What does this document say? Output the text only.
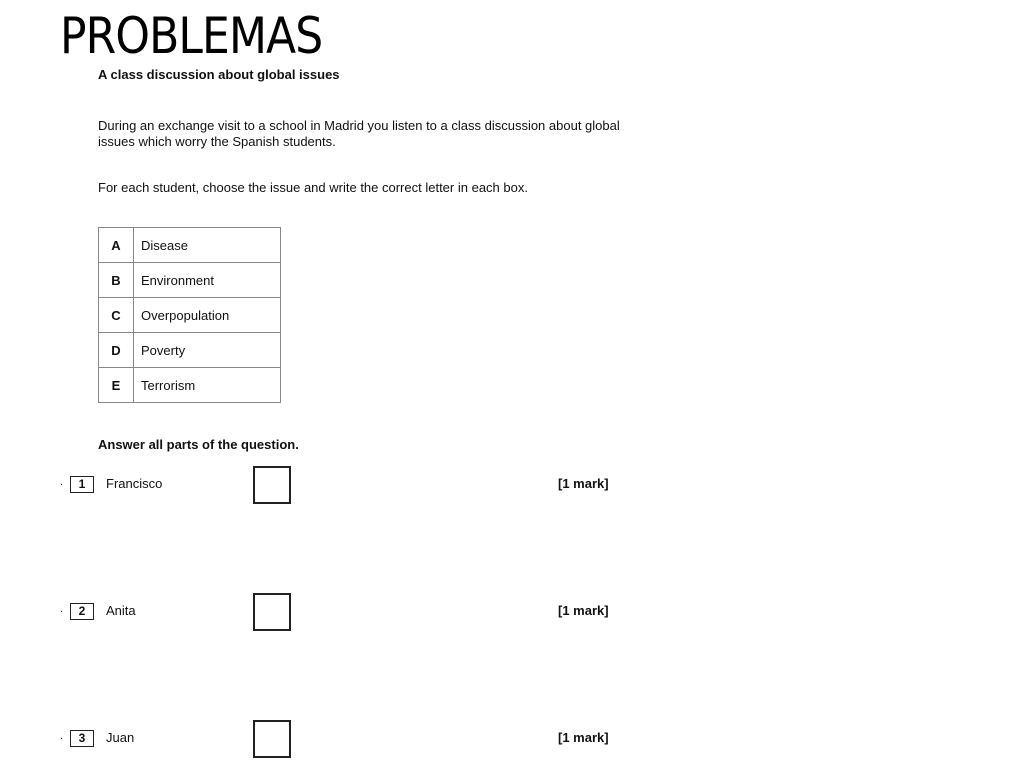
PROBLEMAS
A class discussion about global issues
During an exchange visit to a school in Madrid you listen to a class discussion about global issues which worry the Spanish students.
For each student, choose the issue and write the correct letter in each box.
A	Disease
B	Environment
C	Overpopulation
D	Poverty
E	Terrorism
Answer all parts of the question.
.	1	Francisco	[1 mark]
.	2	Anita	[1 mark]
.	3	Juan	[1 mark]
